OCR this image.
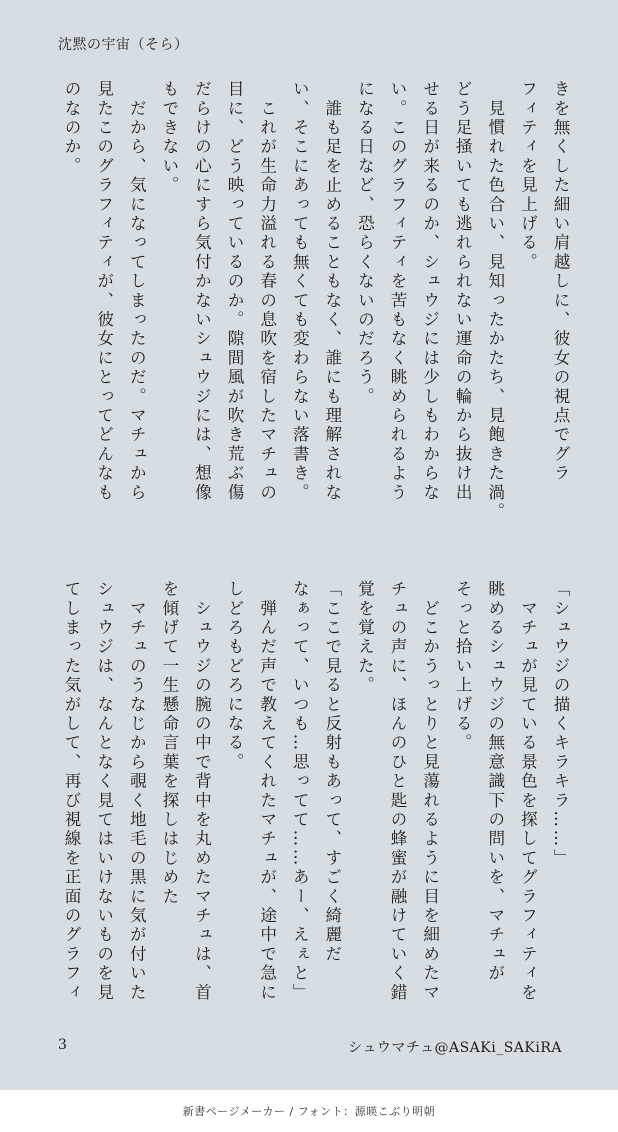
沈黙の宇宙（そら）
きを無くした細い肩越しに、彼女の視点でグラ
フィティを見上げる。
　見慣れた色合い、見知ったかたち、見飽きた渦。
どう足掻いても逃れられない運命の輪から抜け出
せる日が来るのか、シュウジには少しもわからな
い。このグラフィティを苦もなく眺められるよう
になる日など、恐らくないのだろう。
　誰も足を止めることもなく、誰にも理解されな
い、そこにあっても無くても変わらない落書き。
　これが生命力溢れる春の息吹を宿したマチュの
目に、どう映っているのか。隙間風が吹き荒ぶ傷
だらけの心にすら気付かないシュウジには、想像
もできない。
　だから、気になってしまったのだ。マチュから
見たこのグラフィティが、彼女にとってどんなも
のなのか。
「シュウジの描くキラキラ……」
　マチュが見ている景色を探してグラフィティを
眺めるシュウジの無意識下の問いを、マチュが
そっと拾い上げる。
　どこかうっとりと見蕩れるように目を細めたマ
チュの声に、ほんのひと匙の蜂蜜が融けていく錯
覚を覚えた。
「ここで見ると反射もあって、すごく綺麗だ
なぁって、いつも…思ってて……あー、えぇと」
　弾んだ声で教えてくれたマチュが、途中で急に
しどろもどろになる。
　シュウジの腕の中で背中を丸めたマチュは、首
を傾げて一生懸命言葉を探しはじめた
　マチュのうなじから覗く地毛の黒に気が付いた
シュウジは、なんとなく見てはいけないものを見
てしまった気がして、再び視線を正面のグラフィ
3	シュウマチュ@ASAKi_SAKiRA
新書ページメーカー / フォント：源暎こぶり明朝
